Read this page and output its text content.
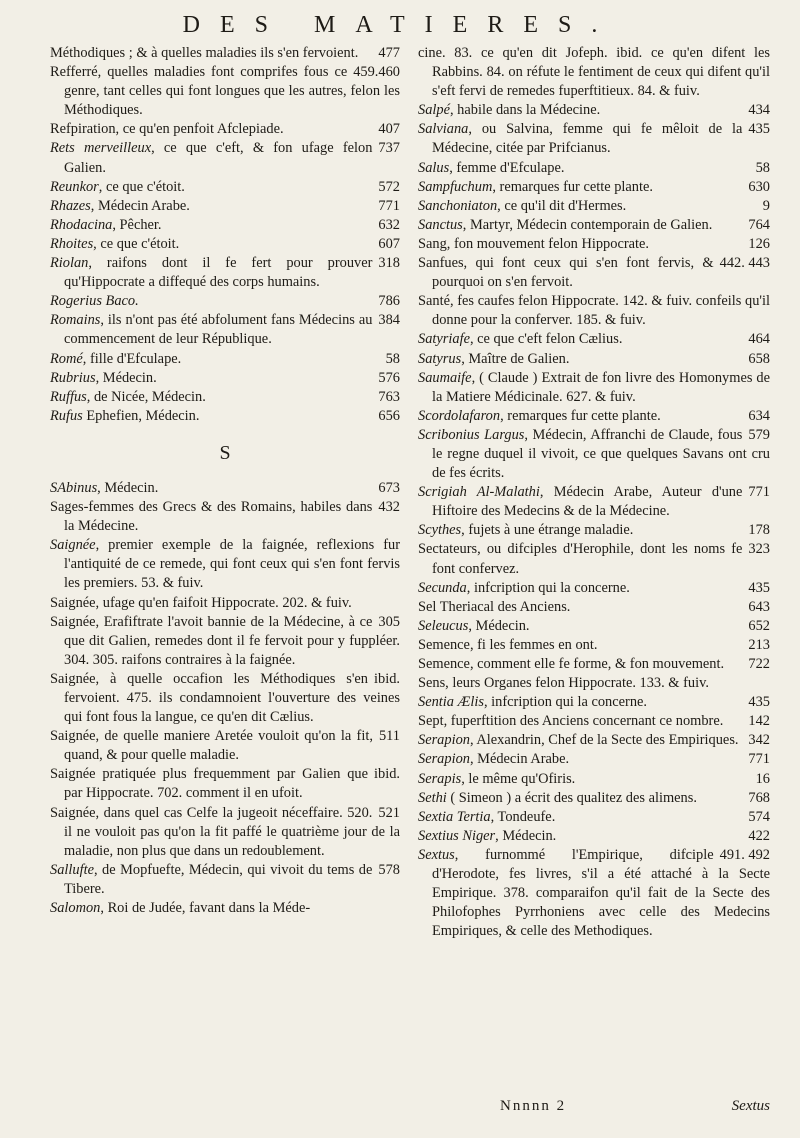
DES MATIERES.
477
Méthodiques ; & à quelles maladies ils s'en fervoient.
459.460
Refferré, quelles maladies font comprifes fous ce genre, tant celles qui font longues que les autres, felon les Méthodiques.
407
Refpiration, ce qu'en penfoit Afclepiade.
737
Rets merveilleux, ce que c'eft, & fon ufage felon Galien.
572
Reunkor, ce que c'étoit.
771
Rhazes, Médecin Arabe.
632
Rhodacina, Pêcher.
607
Rhoites, ce que c'étoit.
318
Riolan, raifons dont il fe fert pour prouver qu'Hippocrate a diffequé des corps humains.
786
Rogerius Baco.
384
Romains, ils n'ont pas été abfolument fans Médecins au commencement de leur République.
58
Romé, fille d'Efculape.
576
Rubrius, Médecin.
763
Ruffus, de Nicée, Médecin.
656
Rufus Ephefien, Médecin.
S
673
SAbinus, Médecin.
432
Sages-femmes des Grecs & des Romains, habiles dans la Médecine.
Saignée, premier exemple de la faignée, reflexions fur l'antiquité de ce remede, qui font ceux qui s'en font fervis les premiers. 53. & fuiv.
Saignée, ufage qu'en faifoit Hippocrate. 202. & fuiv.
305
Saignée, Erafiftrate l'avoit bannie de la Médecine, à ce que dit Galien, remedes dont il fe fervoit pour y fuppléer. 304. 305. raifons contraires à la faignée.
ibid.
Saignée, à quelle occafion les Méthodiques s'en fervoient. 475. ils condamnoient l'ouverture des veines qui font fous la langue, ce qu'en dit Cælius.
511
Saignée, de quelle maniere Aretée vouloit qu'on la fit, quand, & pour quelle maladie.
ibid.
Saignée pratiquée plus frequemment par Galien que par Hippocrate. 702. comment il en ufoit.
521
Saignée, dans quel cas Celfe la jugeoit néceffaire. 520. il ne vouloit pas qu'on la fit paffé le quatrième jour de la maladie, non plus que dans un redoublement.
578
Sallufte, de Mopfuefte, Médecin, qui vivoit du tems de Tibere.
Salomon, Roi de Judée, favant dans la Méde-
cine. 83. ce qu'en dit Jofeph. ibid. ce qu'en difent les Rabbins. 84. on réfute le fentiment de ceux qui difent qu'il s'eft fervi de remedes fuperftitieux. 84. & fuiv.
434
Salpé, habile dans la Médecine.
435
Salviana, ou Salvina, femme qui fe mêloit de la Médecine, citée par Prifcianus.
58
Salus, femme d'Efculape.
630
Sampfuchum, remarques fur cette plante.
9
Sanchoniaton, ce qu'il dit d'Hermes.
764
Sanctus, Martyr, Médecin contemporain de Galien.
126
Sang, fon mouvement felon Hippocrate.
442. 443
Sanfues, qui font ceux qui s'en font fervis, & pourquoi on s'en fervoit.
Santé, fes caufes felon Hippocrate. 142. & fuiv. confeils qu'il donne pour la conferver. 185. & fuiv.
464
Satyriafe, ce que c'eft felon Cælius.
658
Satyrus, Maître de Galien.
Saumaife, ( Claude ) Extrait de fon livre des Homonymes de la Matiere Médicinale. 627. & fuiv.
634
Scordolafaron, remarques fur cette plante.
579
Scribonius Largus, Médecin, Affranchi de Claude, fous le regne duquel il vivoit, ce que quelques Savans ont cru de fes écrits.
771
Scrigiah Al-Malathi, Médecin Arabe, Auteur d'une Hiftoire des Medecins & de la Médecine.
178
Scythes, fujets à une étrange maladie.
323
Sectateurs, ou difciples d'Herophile, dont les noms fe font confervez.
435
Secunda, infcription qui la concerne.
643
Sel Theriacal des Anciens.
652
Seleucus, Médecin.
213
Semence, fi les femmes en ont.
722
Semence, comment elle fe forme, & fon mouvement.
Sens, leurs Organes felon Hippocrate. 133. & fuiv.
435
Sentia Ælis, infcription qui la concerne.
142
Sept, fuperftition des Anciens concernant ce nombre.
342
Serapion, Alexandrin, Chef de la Secte des Empiriques.
771
Serapion, Médecin Arabe.
16
Serapis, le même qu'Ofiris.
768
Sethi ( Simeon ) a écrit des qualitez des alimens.
574
Sextia Tertia, Tondeufe.
422
Sextius Niger, Médecin.
491. 492
Sextus, furnommé l'Empirique, difciple d'Herodote, fes livres, s'il a été attaché à la Secte Empirique. 378. comparaifon qu'il fait de la Secte des Philofophes Pyrrhoniens avec celle des Medecins Empiriques, & celle des Methodiques.
Nnnnn 2	Sextus
